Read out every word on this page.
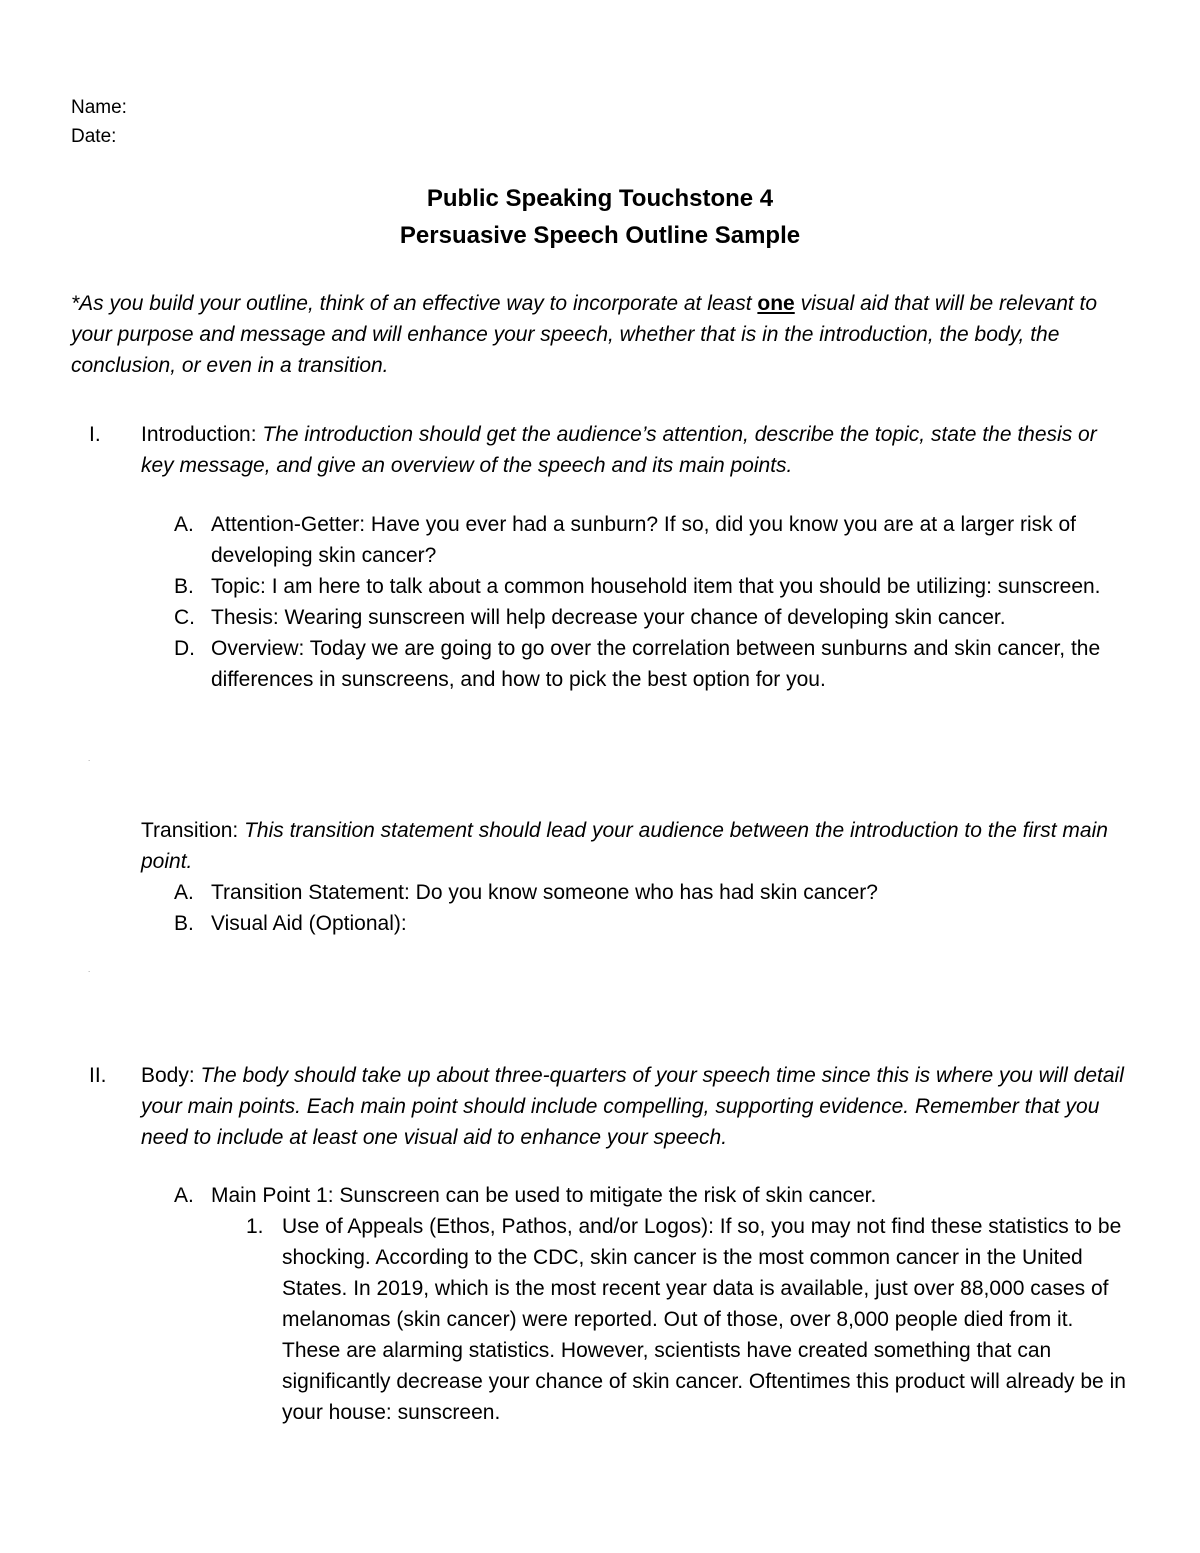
Name:
Date:
Public Speaking Touchstone 4
Persuasive Speech Outline Sample
*As you build your outline, think of an effective way to incorporate at least one visual aid that will be relevant to your purpose and message and will enhance your speech, whether that is in the introduction, the body, the conclusion, or even in a transition.
I. Introduction: The introduction should get the audience’s attention, describe the topic, state the thesis or key message, and give an overview of the speech and its main points.
A. Attention-Getter: Have you ever had a sunburn? If so, did you know you are at a larger risk of developing skin cancer?
B. Topic: I am here to talk about a common household item that you should be utilizing: sunscreen.
C. Thesis: Wearing sunscreen will help decrease your chance of developing skin cancer.
D. Overview: Today we are going to go over the correlation between sunburns and skin cancer, the differences in sunscreens, and how to pick the best option for you.
.
Transition: This transition statement should lead your audience between the introduction to the first main point.
A. Transition Statement: Do you know someone who has had skin cancer?
B. Visual Aid (Optional):
.
II. Body: The body should take up about three-quarters of your speech time since this is where you will detail your main points. Each main point should include compelling, supporting evidence. Remember that you need to include at least one visual aid to enhance your speech.
A. Main Point 1: Sunscreen can be used to mitigate the risk of skin cancer.
1. Use of Appeals (Ethos, Pathos, and/or Logos): If so, you may not find these statistics to be shocking. According to the CDC, skin cancer is the most common cancer in the United States. In 2019, which is the most recent year data is available, just over 88,000 cases of melanomas (skin cancer) were reported. Out of those, over 8,000 people died from it. These are alarming statistics. However, scientists have created something that can significantly decrease your chance of skin cancer. Oftentimes this product will already be in your house: sunscreen.
